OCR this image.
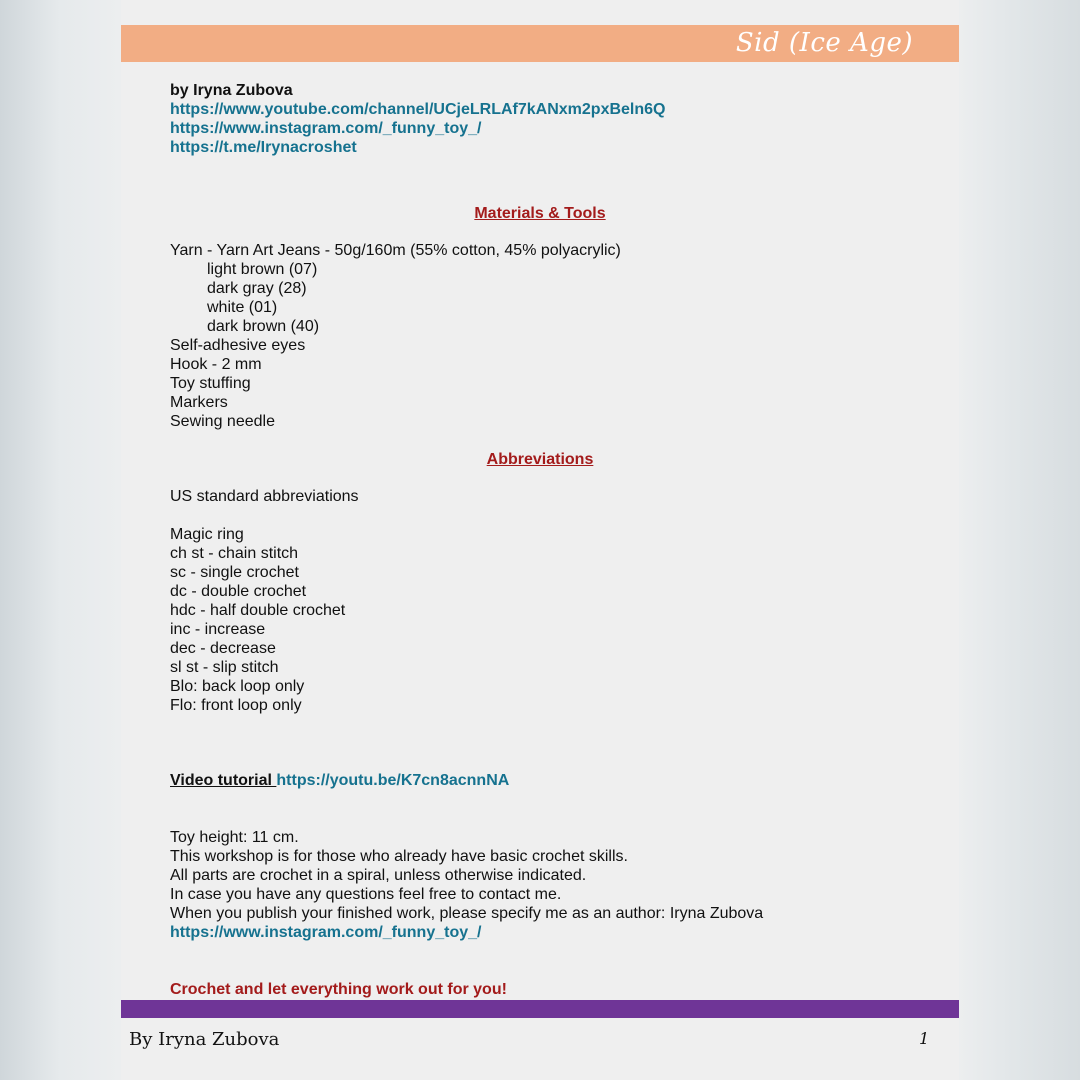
Sid (Ice Age)
by Iryna Zubova
https://www.youtube.com/channel/UCjeLRLAf7kANxm2pxBeln6Q
https://www.instagram.com/_funny_toy_/
https://t.me/Irynacroshet
Materials & Tools
Yarn - Yarn Art Jeans - 50g/160m (55% cotton, 45% polyacrylic)
light brown (07)
dark gray (28)
white (01)
dark brown (40)
Self-adhesive eyes
Hook - 2 mm
Toy stuffing
Markers
Sewing needle
Abbreviations
US standard abbreviations
Magic ring
ch st - chain stitch
sc - single crochet
dc - double crochet
hdc - half double crochet
inc - increase
dec - decrease
sl st - slip stitch
Blo: back loop only
Flo: front loop only
Video tutorial https://youtu.be/K7cn8acnnNA
Toy height: 11 cm.
This workshop is for those who already have basic crochet skills.
All parts are crochet in a spiral, unless otherwise indicated.
In case you have any questions feel free to contact me.
When you publish your finished work, please specify me as an author: Iryna Zubova
https://www.instagram.com/_funny_toy_/
Crochet and let everything work out for you!
By Iryna Zubova	1
